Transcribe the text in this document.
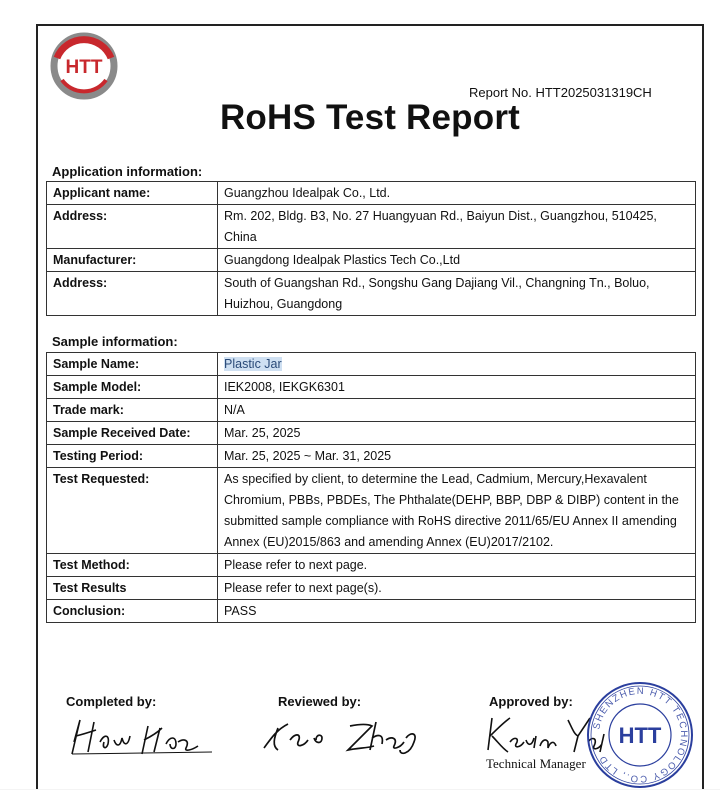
HTT
Report No. HTT2025031319CH
RoHS Test Report
Application information:
Applicant name:	Guangzhou Idealpak Co., Ltd.
Address:	Rm. 202, Bldg. B3, No. 27 Huangyuan Rd., Baiyun Dist., Guangzhou, 510425, China
Manufacturer:	Guangdong Idealpak Plastics Tech Co.,Ltd
Address:	South of Guangshan Rd., Songshu Gang Dajiang Vil., Changning Tn., Boluo, Huizhou, Guangdong
Sample information:
Sample Name:	Plastic Jar
Sample Model:	IEK2008, IEKGK6301
Trade mark:	N/A
Sample Received Date:	Mar. 25, 2025
Testing Period:	Mar. 25, 2025 ~ Mar. 31, 2025
Test Requested:	As specified by client, to determine the Lead, Cadmium, Mercury,Hexavalent Chromium, PBBs, PBDEs, The Phthalate(DEHP, BBP, DBP & DIBP) content in the submitted sample compliance with RoHS directive 2011/65/EU Annex II amending Annex (EU)2015/863 and amending Annex (EU)2017/2102.
Test Method:	Please refer to next page.
Test Results	Please refer to next page(s).
Conclusion:	PASS
Completed by:	Reviewed by:	Approved by:
Technical Manager
SHENZHEN HTT TECHNOLOGY CO., LTD
HTT
